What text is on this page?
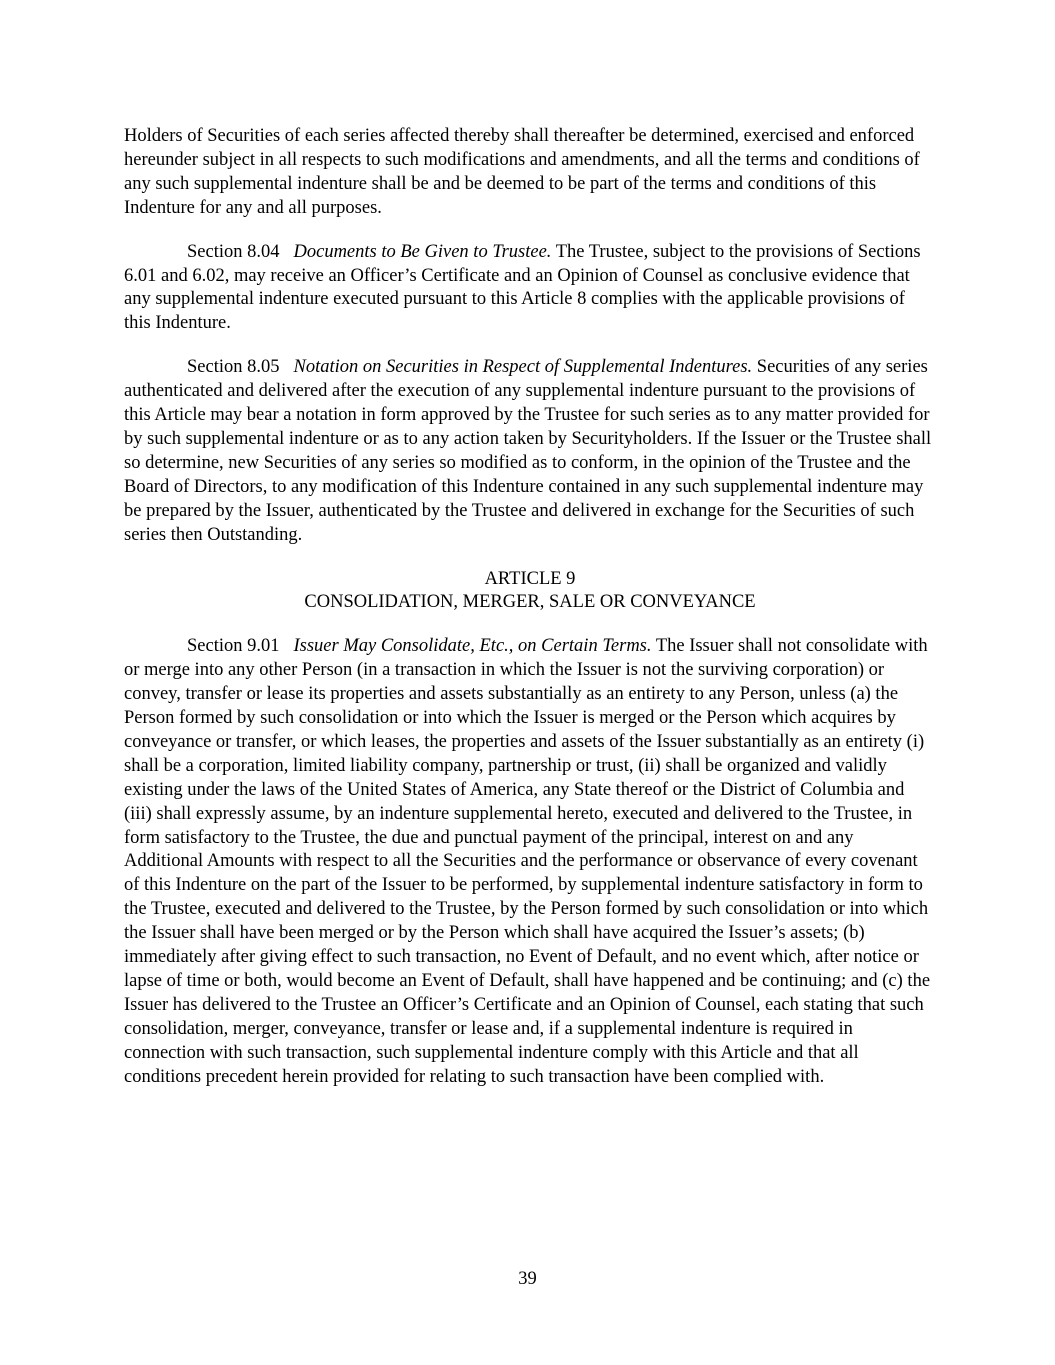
Holders of Securities of each series affected thereby shall thereafter be determined, exercised and enforced hereunder subject in all respects to such modifications and amendments, and all the terms and conditions of any such supplemental indenture shall be and be deemed to be part of the terms and conditions of this Indenture for any and all purposes.

Section 8.04 Documents to Be Given to Trustee. The Trustee, subject to the provisions of Sections 6.01 and 6.02, may receive an Officer’s Certificate and an Opinion of Counsel as conclusive evidence that any supplemental indenture executed pursuant to this Article 8 complies with the applicable provisions of this Indenture.

Section 8.05 Notation on Securities in Respect of Supplemental Indentures. Securities of any series authenticated and delivered after the execution of any supplemental indenture pursuant to the provisions of this Article may bear a notation in form approved by the Trustee for such series as to any matter provided for by such supplemental indenture or as to any action taken by Securityholders. If the Issuer or the Trustee shall so determine, new Securities of any series so modified as to conform, in the opinion of the Trustee and the Board of Directors, to any modification of this Indenture contained in any such supplemental indenture may be prepared by the Issuer, authenticated by the Trustee and delivered in exchange for the Securities of such series then Outstanding.

ARTICLE 9
CONSOLIDATION, MERGER, SALE OR CONVEYANCE

Section 9.01 Issuer May Consolidate, Etc., on Certain Terms. The Issuer shall not consolidate with or merge into any other Person (in a transaction in which the Issuer is not the surviving corporation) or convey, transfer or lease its properties and assets substantially as an entirety to any Person, unless (a) the Person formed by such consolidation or into which the Issuer is merged or the Person which acquires by conveyance or transfer, or which leases, the properties and assets of the Issuer substantially as an entirety (i) shall be a corporation, limited liability company, partnership or trust, (ii) shall be organized and validly existing under the laws of the United States of America, any State thereof or the District of Columbia and (iii) shall expressly assume, by an indenture supplemental hereto, executed and delivered to the Trustee, in form satisfactory to the Trustee, the due and punctual payment of the principal, interest on and any Additional Amounts with respect to all the Securities and the performance or observance of every covenant of this Indenture on the part of the Issuer to be performed, by supplemental indenture satisfactory in form to the Trustee, executed and delivered to the Trustee, by the Person formed by such consolidation or into which the Issuer shall have been merged or by the Person which shall have acquired the Issuer’s assets; (b) immediately after giving effect to such transaction, no Event of Default, and no event which, after notice or lapse of time or both, would become an Event of Default, shall have happened and be continuing; and (c) the Issuer has delivered to the Trustee an Officer’s Certificate and an Opinion of Counsel, each stating that such consolidation, merger, conveyance, transfer or lease and, if a supplemental indenture is required in connection with such transaction, such supplemental indenture comply with this Article and that all conditions precedent herein provided for relating to such transaction have been complied with.

39
